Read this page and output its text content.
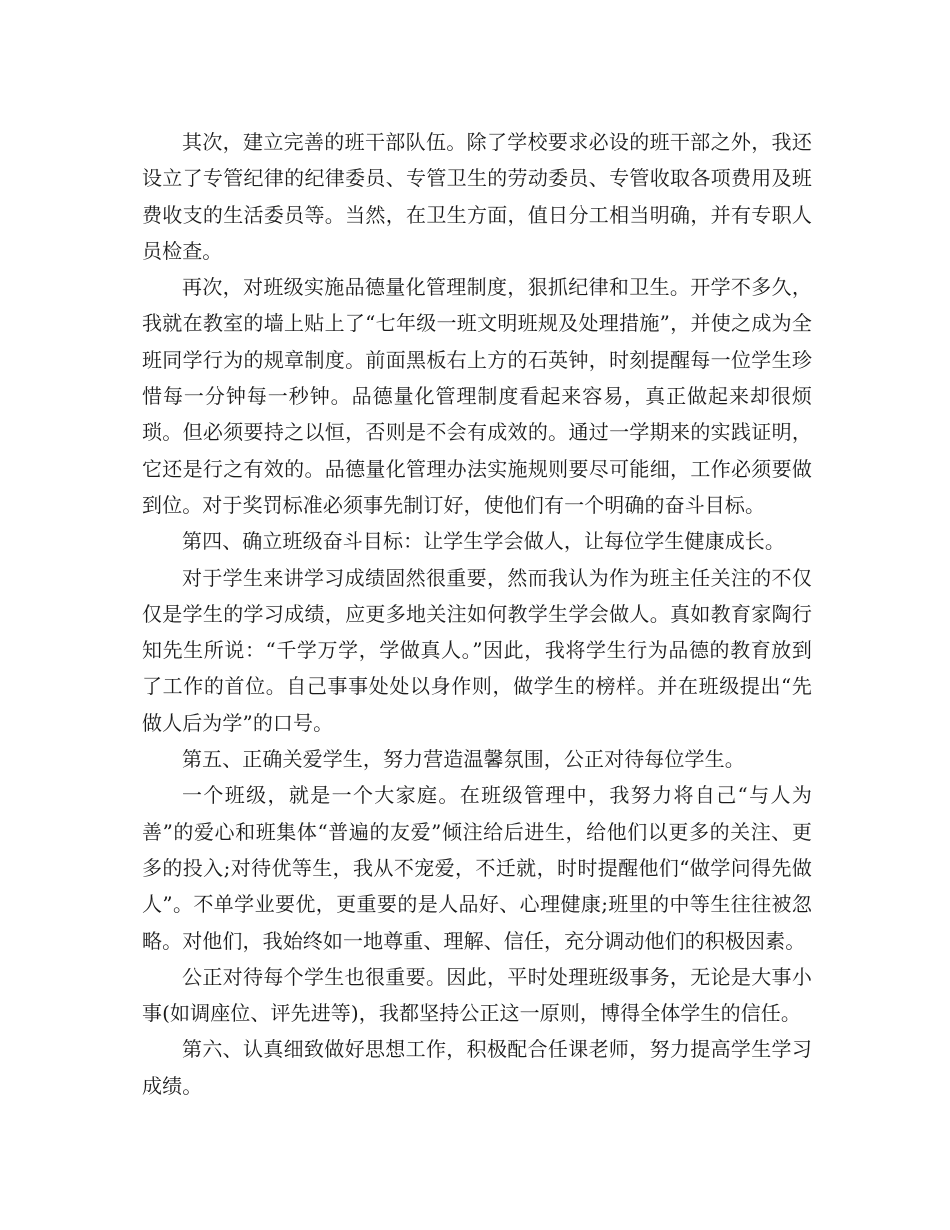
其次，建立完善的班干部队伍。除了学校要求必设的班干部之外，我还设立了专管纪律的纪律委员、专管卫生的劳动委员、专管收取各项费用及班费收支的生活委员等。当然，在卫生方面，值日分工相当明确，并有专职人员检查。

再次，对班级实施品德量化管理制度，狠抓纪律和卫生。开学不多久，我就在教室的墙上贴上了“七年级一班文明班规及处理措施”，并使之成为全班同学行为的规章制度。前面黑板右上方的石英钟，时刻提醒每一位学生珍惜每一分钟每一秒钟。品德量化管理制度看起来容易，真正做起来却很烦琐。但必须要持之以恒，否则是不会有成效的。通过一学期来的实践证明，它还是行之有效的。品德量化管理办法实施规则要尽可能细，工作必须要做到位。对于奖罚标准必须事先制订好，使他们有一个明确的奋斗目标。

第四、确立班级奋斗目标：让学生学会做人，让每位学生健康成长。

对于学生来讲学习成绩固然很重要，然而我认为作为班主任关注的不仅仅是学生的学习成绩，应更多地关注如何教学生学会做人。真如教育家陶行知先生所说：“千学万学，学做真人。”因此，我将学生行为品德的教育放到了工作的首位。自己事事处处以身作则，做学生的榜样。并在班级提出“先做人后为学”的口号。

第五、正确关爱学生，努力营造温馨氛围，公正对待每位学生。

一个班级，就是一个大家庭。在班级管理中，我努力将自己“与人为善”的爱心和班集体“普遍的友爱”倾注给后进生，给他们以更多的关注、更多的投入;对待优等生，我从不宠爱，不迁就，时时提醒他们“做学问得先做人”。不单学业要优，更重要的是人品好、心理健康;班里的中等生往往被忽略。对他们，我始终如一地尊重、理解、信任，充分调动他们的积极因素。

公正对待每个学生也很重要。因此，平时处理班级事务，无论是大事小事(如调座位、评先进等)，我都坚持公正这一原则，博得全体学生的信任。

第六、认真细致做好思想工作，积极配合任课老师，努力提高学生学习成绩。
